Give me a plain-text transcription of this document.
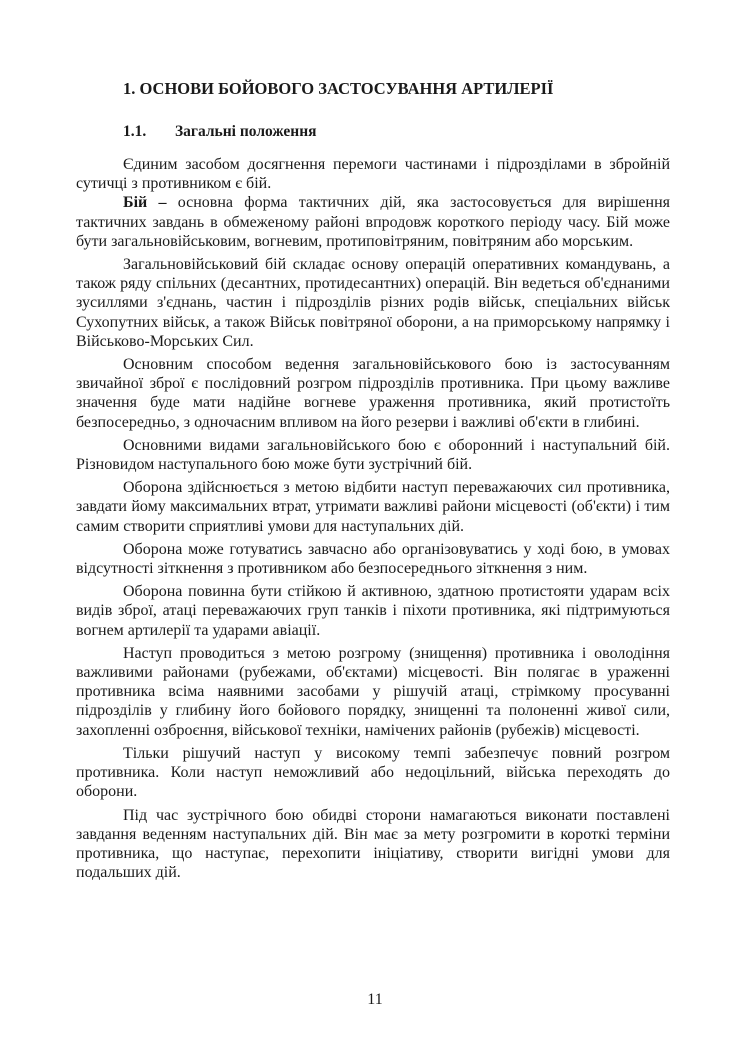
1. ОСНОВИ БОЙОВОГО ЗАСТОСУВАННЯ АРТИЛЕРІЇ
1.1. Загальні положення

Єдиним засобом досягнення перемоги частинами і підрозділами в збройній сутичці з противником є бій.

Бій – основна форма тактичних дій, яка застосовується для вирішення тактичних завдань в обмеженому районі впродовж короткого періоду часу. Бій може бути загальновійськовим, вогневим, протиповітряним, повітряним або морським.

Загальновійськовий бій складає основу операцій оперативних командувань, а також ряду спільних (десантних, протидесантних) операцій. Він ведеться об'єднаними зусиллями з'єднань, частин і підрозділів різних родів військ, спеціальних військ Сухопутних військ, а також Військ повітряної оборони, а на приморському напрямку і Військово-Морських Сил.

Основним способом ведення загальновійськового бою із застосуванням звичайної зброї є послідовний розгром підрозділів противника. При цьому важливе значення буде мати надійне вогневе ураження противника, який протистоїть безпосередньо, з одночасним впливом на його резерви і важливі об'єкти в глибині.

Основними видами загальновійського бою є оборонний і наступальний бій. Різновидом наступального бою може бути зустрічний бій.

Оборона здійснюється з метою відбити наступ переважаючих сил противника, завдати йому максимальних втрат, утримати важливі райони місцевості (об'єкти) і тим самим створити сприятливі умови для наступальних дій.

Оборона може готуватись завчасно або організовуватись у ході бою, в умовах відсутності зіткнення з противником або безпосереднього зіткнення з ним.

Оборона повинна бути стійкою й активною, здатною протистояти ударам всіх видів зброї, атаці переважаючих груп танків і піхоти противника, які підтримуються вогнем артилерії та ударами авіації.

Наступ проводиться з метою розгрому (знищення) противника і оволодіння важливими районами (рубежами, об'єктами) місцевості. Він полягає в ураженні противника всіма наявними засобами у рішучій атаці, стрімкому просуванні підрозділів у глибину його бойового порядку, знищенні та полоненні живої сили, захопленні озброєння, військової техніки, намічених районів (рубежів) місцевості.

Тільки рішучий наступ у високому темпі забезпечує повний розгром противника. Коли наступ неможливий або недоцільний, війська переходять до оборони.

Під час зустрічного бою обидві сторони намагаються виконати поставлені завдання веденням наступальних дій. Він має за мету розгромити в короткі терміни противника, що наступає, перехопити ініціативу, створити вигідні умови для подальших дій.

11
